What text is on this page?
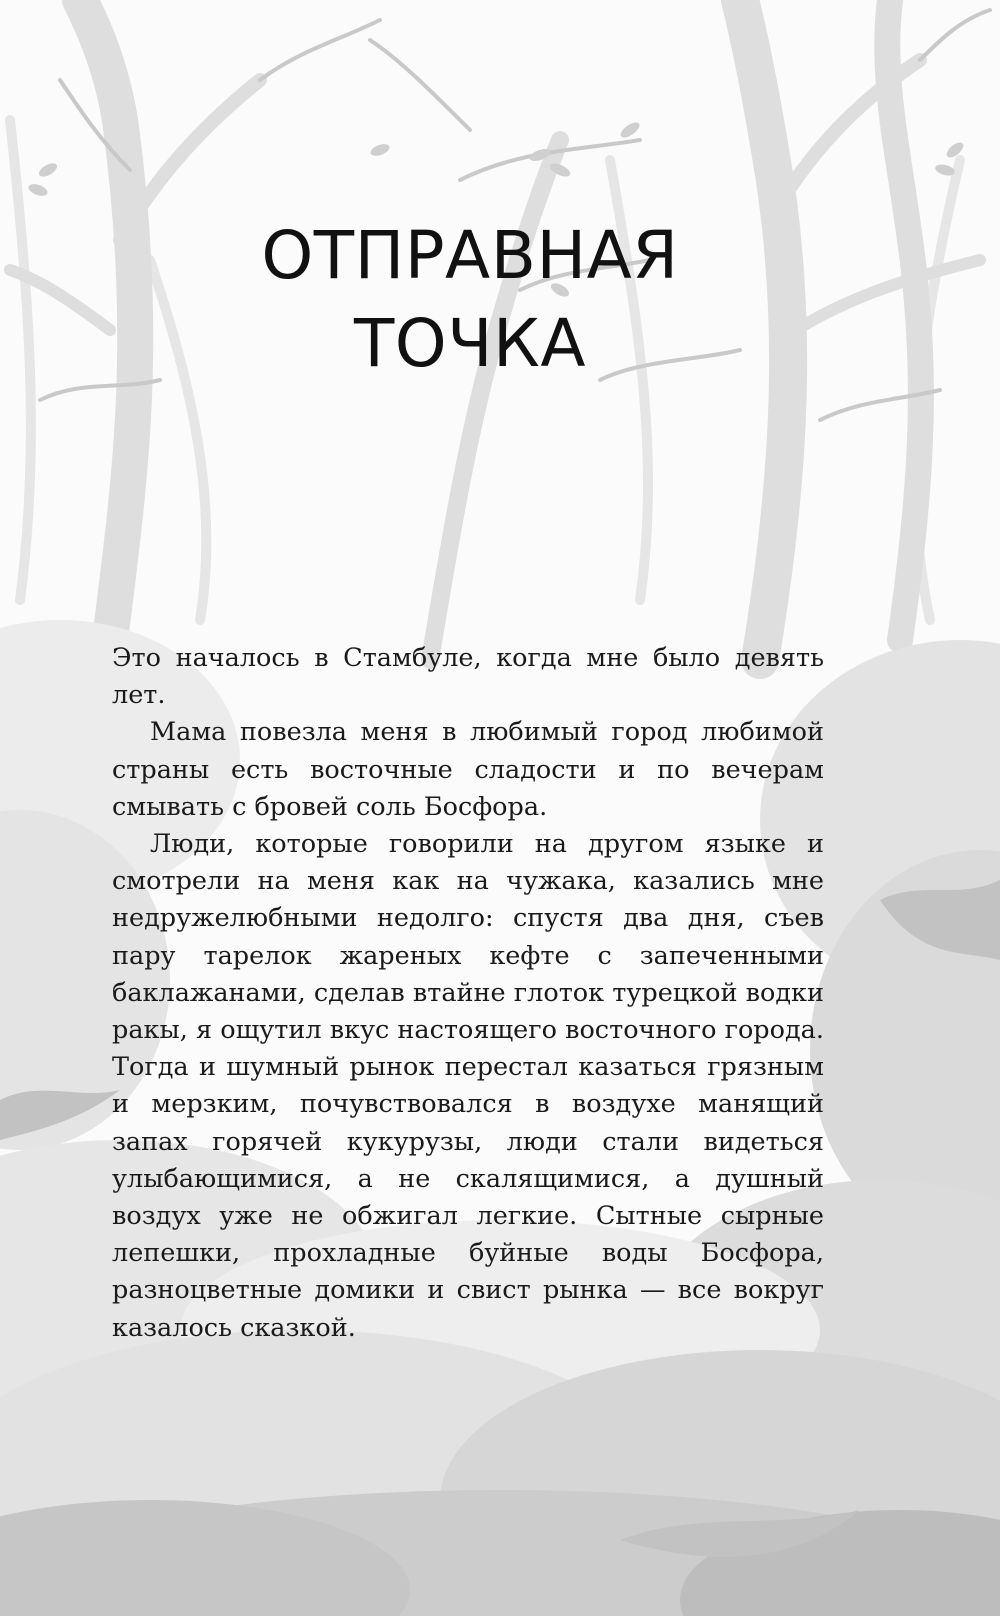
ОТПРАВНАЯ
ТОЧКА

Это началось в Стамбуле, когда мне было девять лет.

Мама повезла меня в любимый город любимой страны есть восточные сладости и по вечерам смывать с бровей соль Босфора.

Люди, которые говорили на другом языке и смотрели на меня как на чужака, казались мне недружелюбными недолго: спустя два дня, съев пару тарелок жареных кефте с запеченными баклажанами, сделав втайне глоток турецкой водки ракы, я ощутил вкус настоящего восточного города. Тогда и шумный рынок перестал казаться грязным и мерзким, почувствовался в воздухе манящий запах горячей кукурузы, люди стали видеться улыбающимися, а не скалящимися, а душный воздух уже не обжигал легкие. Сытные сырные лепешки, прохладные буйные воды Босфора, разноцветные домики и свист рынка — все вокруг казалось сказкой.
